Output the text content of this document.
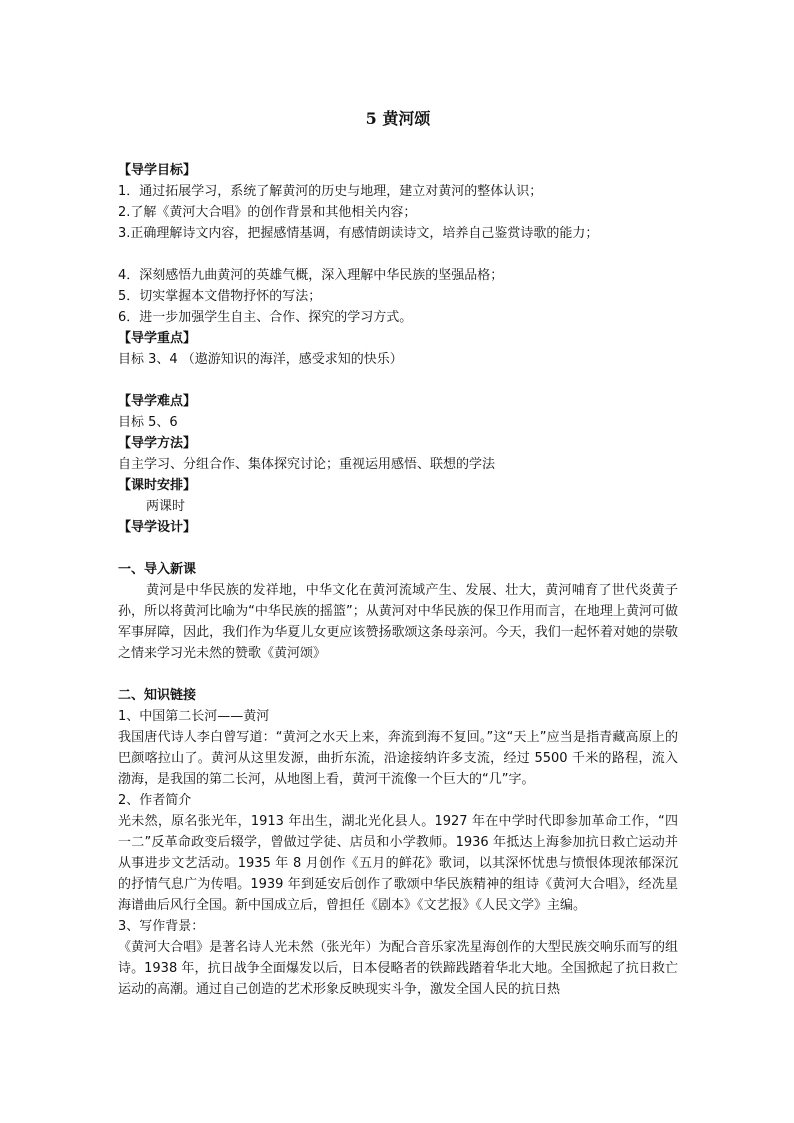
5 黄河颂
【导学目标】
1．通过拓展学习，系统了解黄河的历史与地理，建立对黄河的整体认识；
2.了解《黄河大合唱》的创作背景和其他相关内容；
3.正确理解诗文内容，把握感情基调，有感情朗读诗文，培养自己鉴赏诗歌的能力；
4．深刻感悟九曲黄河的英雄气概，深入理解中华民族的坚强品格；
5．切实掌握本文借物抒怀的写法；
6．进一步加强学生自主、合作、探究的学习方式。
【导学重点】
目标 3、4 （遨游知识的海洋，感受求知的快乐）
【导学难点】
目标 5、6
【导学方法】
自主学习、分组合作、集体探究讨论；重视运用感悟、联想的学法
【课时安排】
两课时
【导学设计】
一、导入新课
黄河是中华民族的发祥地，中华文化在黄河流域产生、发展、壮大，黄河哺育了世代炎黄子孙，所以将黄河比喻为“中华民族的摇篮”；从黄河对中华民族的保卫作用而言，在地理上黄河可做军事屏障，因此，我们作为华夏儿女更应该赞扬歌颂这条母亲河。今天，我们一起怀着对她的崇敬之情来学习光未然的赞歌《黄河颂》
二、知识链接
1、中国第二长河——黄河
我国唐代诗人李白曾写道：“黄河之水天上来，奔流到海不复回。”这“天上”应当是指青藏高原上的巴颜喀拉山了。黄河从这里发源，曲折东流，沿途接纳许多支流，经过 5500 千米的路程，流入渤海，是我国的第二长河，从地图上看，黄河干流像一个巨大的“几”字。
2、作者简介
光未然，原名张光年，1913 年出生，湖北光化县人。1927 年在中学时代即参加革命工作，“四一二”反革命政变后辍学，曾做过学徒、店员和小学教师。1936 年抵达上海参加抗日救亡运动并从事进步文艺活动。1935 年 8 月创作《五月的鲜花》歌词，以其深怀忧患与愤恨体现浓郁深沉的抒情气息广为传唱。1939 年到延安后创作了歌颂中华民族精神的组诗《黄河大合唱》，经冼星海谱曲后风行全国。新中国成立后，曾担任《剧本》《文艺报》《人民文学》主编。
3、写作背景：
《黄河大合唱》是著名诗人光未然（张光年）为配合音乐家冼星海创作的大型民族交响乐而写的组诗。1938 年，抗日战争全面爆发以后，日本侵略者的铁蹄践踏着华北大地。全国掀起了抗日救亡运动的高潮。通过自己创造的艺术形象反映现实斗争，激发全国人民的抗日热
